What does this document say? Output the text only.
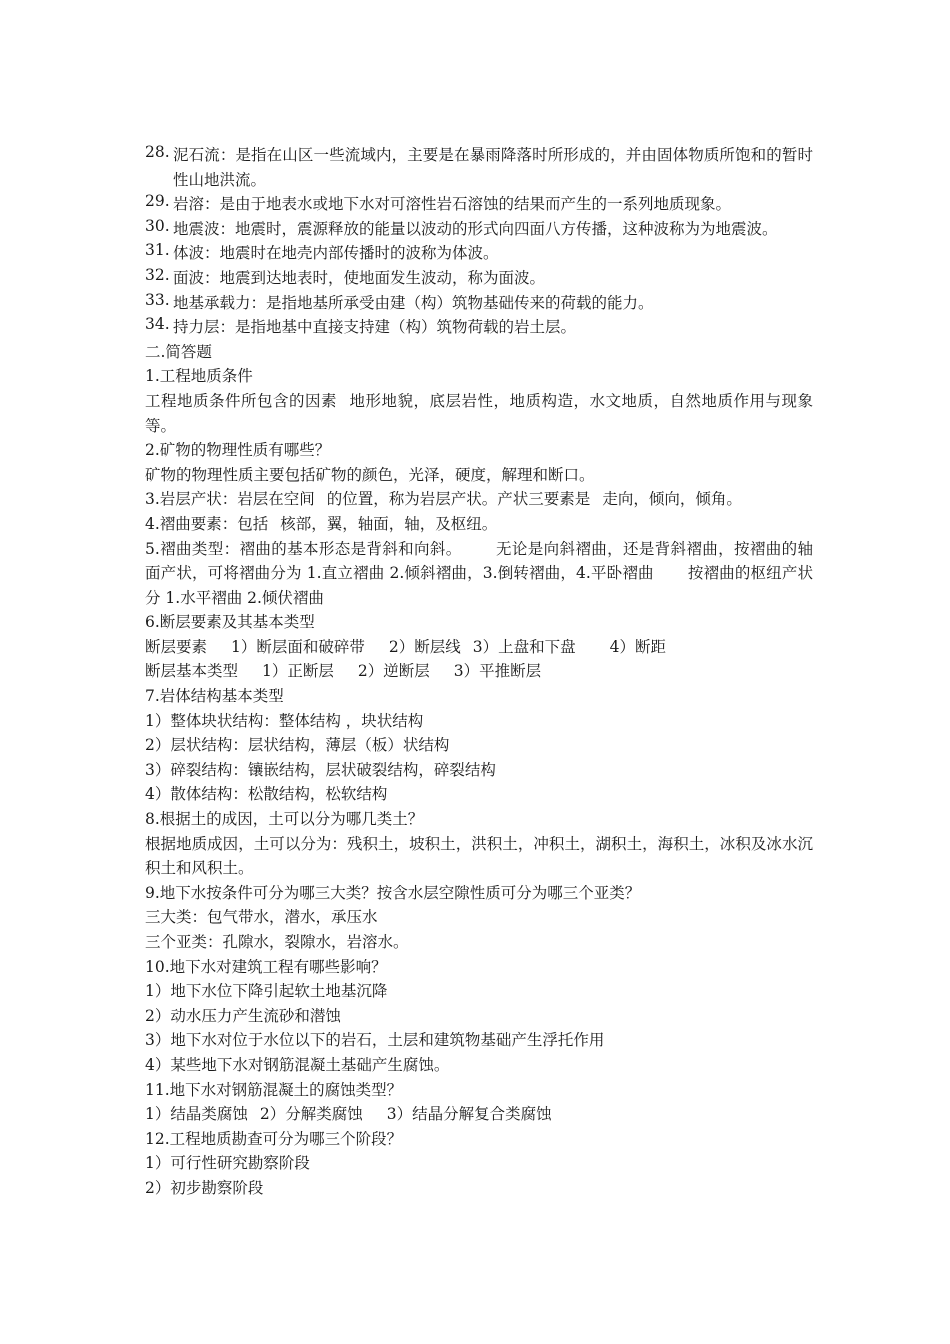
28. 泥石流：是指在山区一些流域内，主要是在暴雨降落时所形成的，并由固体物质所饱和的暂时性山地洪流。
29. 岩溶：是由于地表水或地下水对可溶性岩石溶蚀的结果而产生的一系列地质现象。
30. 地震波：地震时，震源释放的能量以波动的形式向四面八方传播，这种波称为为地震波。
31. 体波：地震时在地壳内部传播时的波称为体波。
32. 面波：地震到达地表时，使地面发生波动，称为面波。
33. 地基承载力：是指地基所承受由建（构）筑物基础传来的荷载的能力。
34. 持力层：是指地基中直接支持建（构）筑物荷载的岩土层。
二.简答题
1.工程地质条件
工程地质条件所包含的因素 地形地貌，底层岩性，地质构造，水文地质，自然地质作用与现象等。
2.矿物的物理性质有哪些？
矿物的物理性质主要包括矿物的颜色，光泽，硬度，解理和断口。
3.岩层产状：岩层在空间 的位置，称为岩层产状。产状三要素是 走向，倾向，倾角。
4.褶曲要素：包括 核部，翼，轴面，轴，及枢纽。
5.褶曲类型：褶曲的基本形态是背斜和向斜。 无论是向斜褶曲，还是背斜褶曲，按褶曲的轴面产状，可将褶曲分为 1.直立褶曲 2.倾斜褶曲，3.倒转褶曲，4.平卧褶曲 按褶曲的枢纽产状分 1.水平褶曲 2.倾伏褶曲
6.断层要素及其基本类型
断层要素 1）断层面和破碎带 2）断层线 3）上盘和下盘 4）断距
断层基本类型 1）正断层 2）逆断层 3）平推断层
7.岩体结构基本类型
1）整体块状结构：整体结构 ，块状结构
2）层状结构：层状结构，薄层（板）状结构
3）碎裂结构：镶嵌结构，层状破裂结构，碎裂结构
4）散体结构：松散结构，松软结构
8.根据土的成因，土可以分为哪几类土？
根据地质成因，土可以分为：残积土，坡积土，洪积土，冲积土，湖积土，海积土，冰积及冰水沉积土和风积土。
9.地下水按条件可分为哪三大类？按含水层空隙性质可分为哪三个亚类？
三大类：包气带水，潜水，承压水
三个亚类：孔隙水，裂隙水，岩溶水。
10.地下水对建筑工程有哪些影响？
1）地下水位下降引起软土地基沉降
2）动水压力产生流砂和潜蚀
3）地下水对位于水位以下的岩石，土层和建筑物基础产生浮托作用
4）某些地下水对钢筋混凝土基础产生腐蚀。
11.地下水对钢筋混凝土的腐蚀类型？
1）结晶类腐蚀 2）分解类腐蚀 3）结晶分解复合类腐蚀
12.工程地质勘查可分为哪三个阶段？
1）可行性研究勘察阶段
2）初步勘察阶段
